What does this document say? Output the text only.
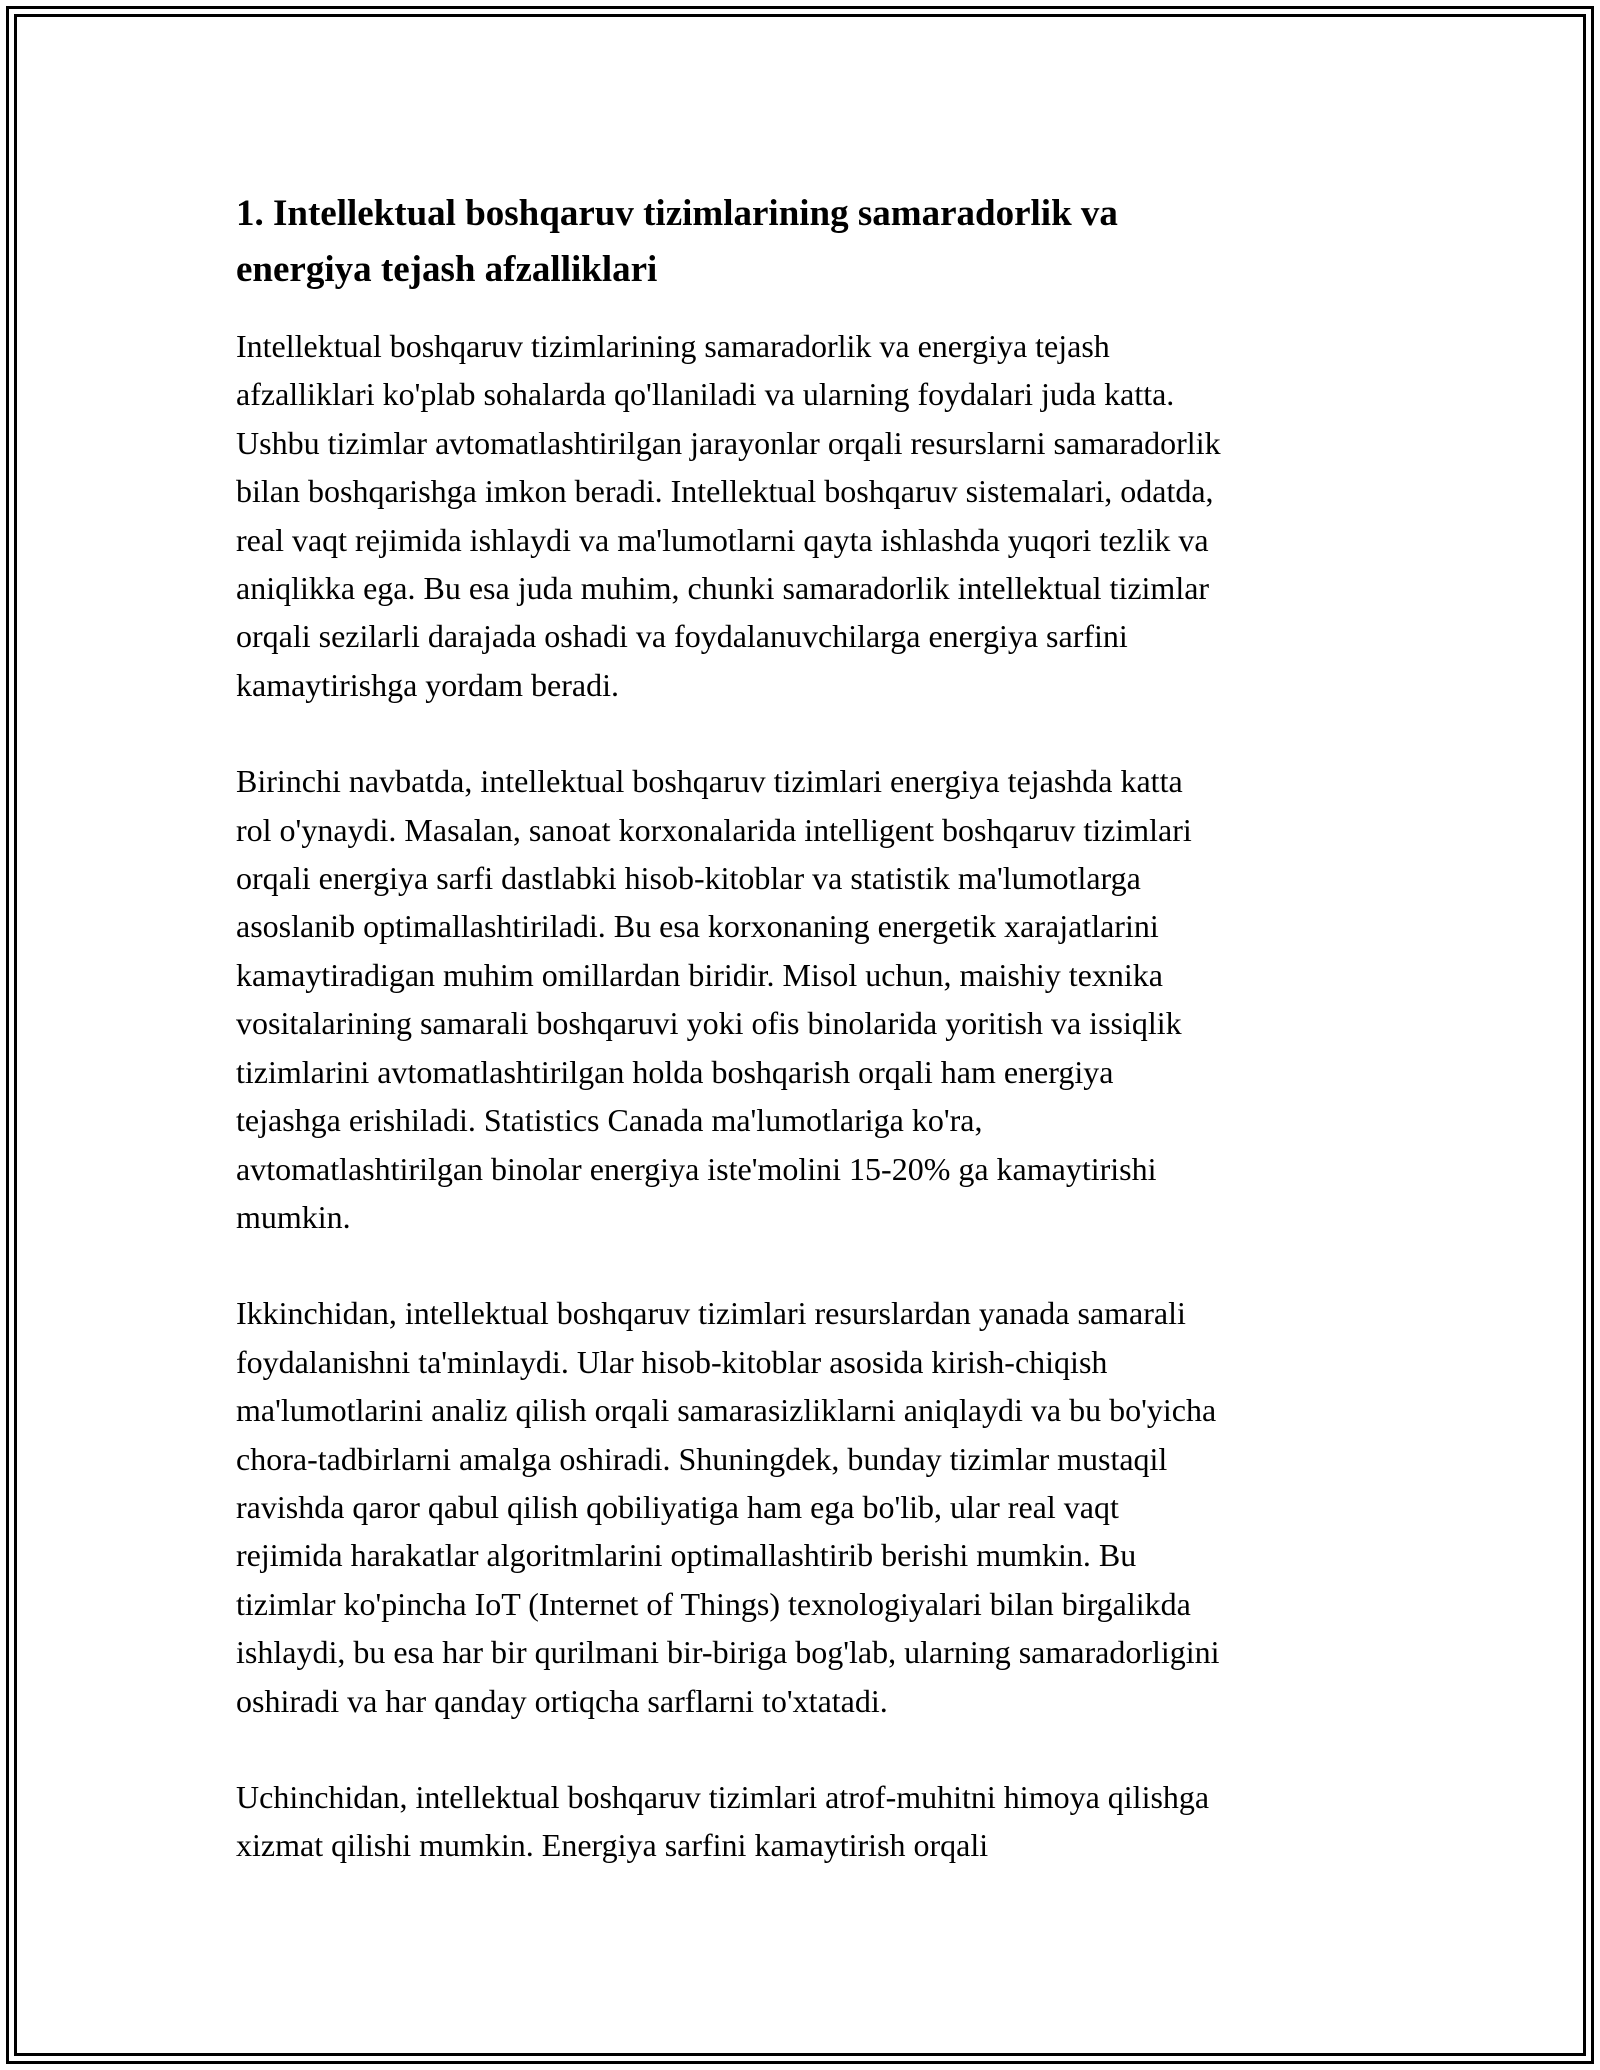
1. Intellektual boshqaruv tizimlarining samaradorlik va
energiya tejash afzalliklari

Intellektual boshqaruv tizimlarining samaradorlik va energiya tejash
afzalliklari ko'plab sohalarda qo'llaniladi va ularning foydalari juda katta.
Ushbu tizimlar avtomatlashtirilgan jarayonlar orqali resurslarni samaradorlik
bilan boshqarishga imkon beradi. Intellektual boshqaruv sistemalari, odatda,
real vaqt rejimida ishlaydi va ma'lumotlarni qayta ishlashda yuqori tezlik va
aniqlikka ega. Bu esa juda muhim, chunki samaradorlik intellektual tizimlar
orqali sezilarli darajada oshadi va foydalanuvchilarga energiya sarfini
kamaytirishga yordam beradi.

Birinchi navbatda, intellektual boshqaruv tizimlari energiya tejashda katta
rol o'ynaydi. Masalan, sanoat korxonalarida intelligent boshqaruv tizimlari
orqali energiya sarfi dastlabki hisob-kitoblar va statistik ma'lumotlarga
asoslanib optimallashtiriladi. Bu esa korxonaning energetik xarajatlarini
kamaytiradigan muhim omillardan biridir. Misol uchun, maishiy texnika
vositalarining samarali boshqaruvi yoki ofis binolarida yoritish va issiqlik
tizimlarini avtomatlashtirilgan holda boshqarish orqali ham energiya
tejashga erishiladi. Statistics Canada ma'lumotlariga ko'ra,
avtomatlashtirilgan binolar energiya iste'molini 15-20% ga kamaytirishi
mumkin.

Ikkinchidan, intellektual boshqaruv tizimlari resurslardan yanada samarali
foydalanishni ta'minlaydi. Ular hisob-kitoblar asosida kirish-chiqish
ma'lumotlarini analiz qilish orqali samarasizliklarni aniqlaydi va bu bo'yicha
chora-tadbirlarni amalga oshiradi. Shuningdek, bunday tizimlar mustaqil
ravishda qaror qabul qilish qobiliyatiga ham ega bo'lib, ular real vaqt
rejimida harakatlar algoritmlarini optimallashtirib berishi mumkin. Bu
tizimlar ko'pincha IoT (Internet of Things) texnologiyalari bilan birgalikda
ishlaydi, bu esa har bir qurilmani bir-biriga bog'lab, ularning samaradorligini
oshiradi va har qanday ortiqcha sarflarni to'xtatadi.

Uchinchidan, intellektual boshqaruv tizimlari atrof-muhitni himoya qilishga
xizmat qilishi mumkin. Energiya sarfini kamaytirish orqali
